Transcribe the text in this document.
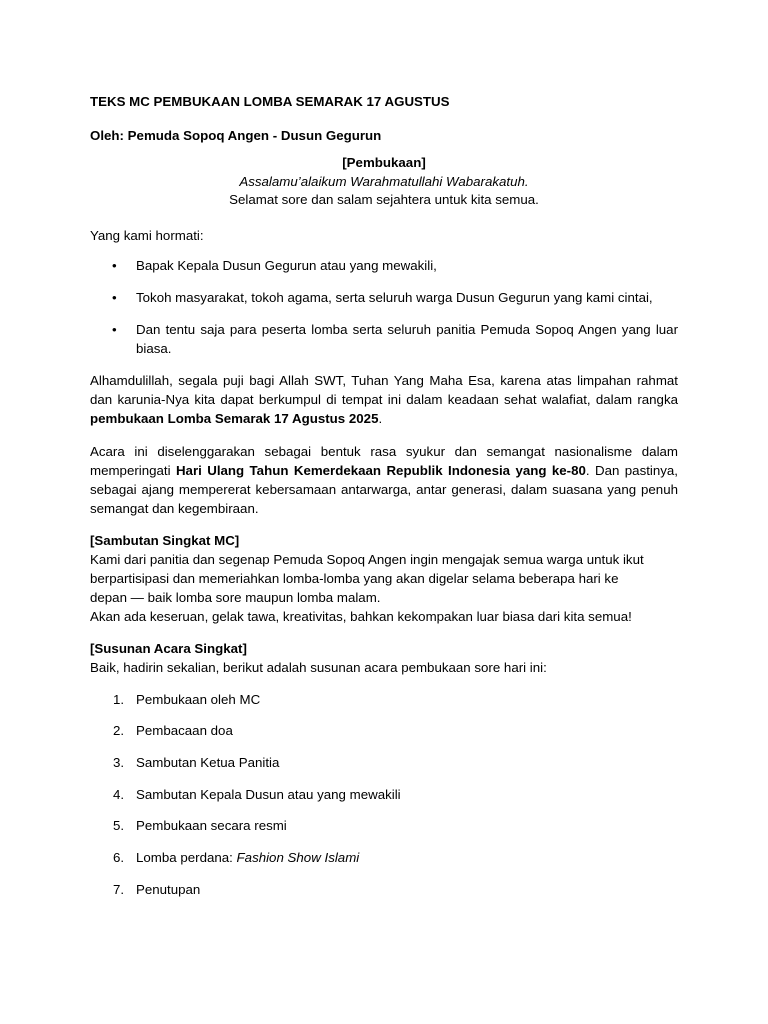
TEKS MC PEMBUKAAN LOMBA SEMARAK 17 AGUSTUS
Oleh: Pemuda Sopoq Angen - Dusun Gegurun
[Pembukaan]
Assalamu’alaikum Warahmatullahi Wabarakatuh.
Selamat sore dan salam sejahtera untuk kita semua.

Yang kami hormati:

• Bapak Kepala Dusun Gegurun atau yang mewakili,
• Tokoh masyarakat, tokoh agama, serta seluruh warga Dusun Gegurun yang kami cintai,
• Dan tentu saja para peserta lomba serta seluruh panitia Pemuda Sopoq Angen yang luar biasa.

Alhamdulillah, segala puji bagi Allah SWT, Tuhan Yang Maha Esa, karena atas limpahan rahmat dan karunia-Nya kita dapat berkumpul di tempat ini dalam keadaan sehat walafiat, dalam rangka pembukaan Lomba Semarak 17 Agustus 2025.

Acara ini diselenggarakan sebagai bentuk rasa syukur dan semangat nasionalisme dalam memperingati Hari Ulang Tahun Kemerdekaan Republik Indonesia yang ke-80. Dan pastinya, sebagai ajang mempererat kebersamaan antarwarga, antar generasi, dalam suasana yang penuh semangat dan kegembiraan.

[Sambutan Singkat MC]
Kami dari panitia dan segenap Pemuda Sopoq Angen ingin mengajak semua warga untuk ikut
berpartisipasi dan memeriahkan lomba-lomba yang akan digelar selama beberapa hari ke
depan — baik lomba sore maupun lomba malam.
Akan ada keseruan, gelak tawa, kreativitas, bahkan kekompakan luar biasa dari kita semua!
[Susunan Acara Singkat]
Baik, hadirin sekalian, berikut adalah susunan acara pembukaan sore hari ini:
1. Pembukaan oleh MC
2. Pembacaan doa
3. Sambutan Ketua Panitia
4. Sambutan Kepala Dusun atau yang mewakili
5. Pembukaan secara resmi
6. Lomba perdana: Fashion Show Islami
7. Penutupan
